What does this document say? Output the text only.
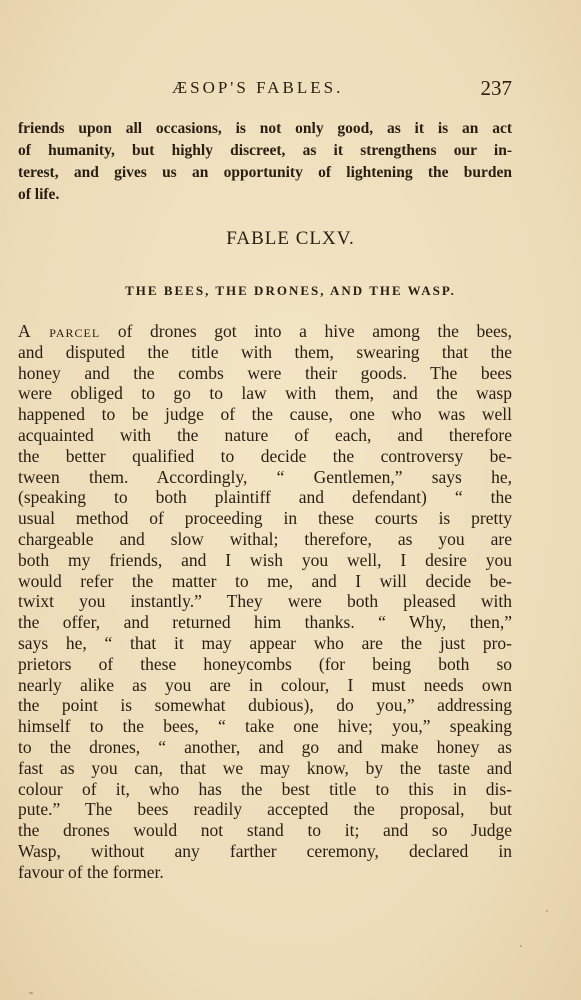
ÆSOP'S FABLES.	237
friends upon all occasions, is not only good, as it is an act
of humanity, but highly discreet, as it strengthens our in-
terest, and gives us an opportunity of lightening the burden
of life.
FABLE CLXV.
THE BEES, THE DRONES, AND THE WASP.
A parcel of drones got into a hive among the bees,
and disputed the title with them, swearing that the
honey and the combs were their goods. The bees
were obliged to go to law with them, and the wasp
happened to be judge of the cause, one who was well
acquainted with the nature of each, and therefore
the better qualified to decide the controversy be-
tween them. Accordingly, “ Gentlemen,” says he,
(speaking to both plaintiff and defendant) “ the
usual method of proceeding in these courts is pretty
chargeable and slow withal; therefore, as you are
both my friends, and I wish you well, I desire you
would refer the matter to me, and I will decide be-
twixt you instantly.” They were both pleased with
the offer, and returned him thanks. “ Why, then,”
says he, “ that it may appear who are the just pro-
prietors of these honeycombs (for being both so
nearly alike as you are in colour, I must needs own
the point is somewhat dubious), do you,” addressing
himself to the bees, “ take one hive; you,” speaking
to the drones, “ another, and go and make honey as
fast as you can, that we may know, by the taste and
colour of it, who has the best title to this in dis-
pute.” The bees readily accepted the proposal, but
the drones would not stand to it; and so Judge
Wasp, without any farther ceremony, declared in
favour of the former.
